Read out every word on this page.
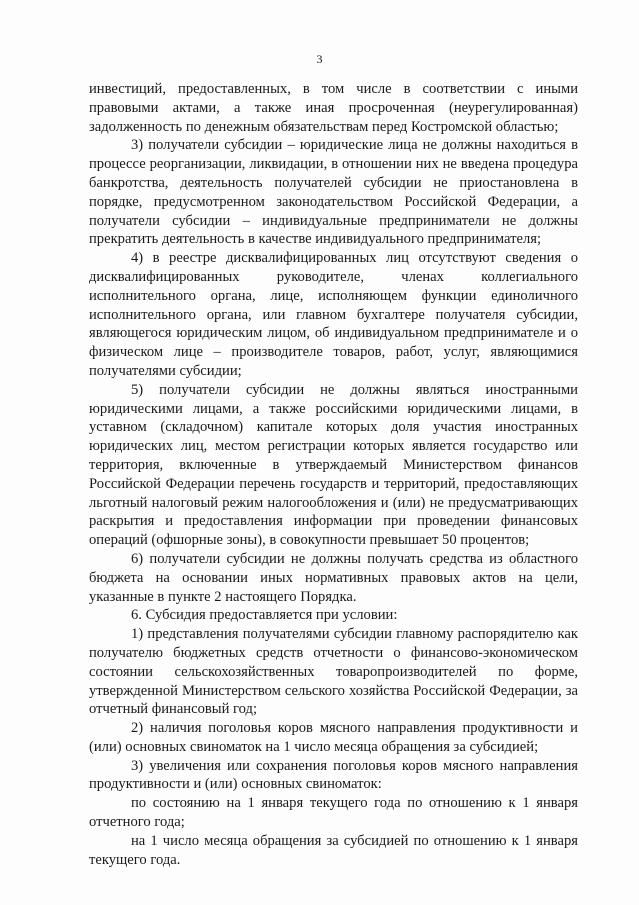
3

инвестиций, предоставленных, в том числе в соответствии с иными правовыми актами, а также иная просроченная (неурегулированная) задолженность по денежным обязательствам перед Костромской областью;

3) получатели субсидии – юридические лица не должны находиться в процессе реорганизации, ликвидации, в отношении них не введена процедура банкротства, деятельность получателей субсидии не приостановлена в порядке, предусмотренном законодательством Российской Федерации, а получатели субсидии – индивидуальные предприниматели не должны прекратить деятельность в качестве индивидуального предпринимателя;

4) в реестре дисквалифицированных лиц отсутствуют сведения о дисквалифицированных руководителе, членах коллегиального исполнительного органа, лице, исполняющем функции единоличного исполнительного органа, или главном бухгалтере получателя субсидии, являющегося юридическим лицом, об индивидуальном предпринимателе и о физическом лице – производителе товаров, работ, услуг, являющимися получателями субсидии;

5) получатели субсидии не должны являться иностранными юридическими лицами, а также российскими юридическими лицами, в уставном (складочном) капитале которых доля участия иностранных юридических лиц, местом регистрации которых является государство или территория, включенные в утверждаемый Министерством финансов Российской Федерации перечень государств и территорий, предоставляющих льготный налоговый режим налогообложения и (или) не предусматривающих раскрытия и предоставления информации при проведении финансовых операций (офшорные зоны), в совокупности превышает 50 процентов;

6) получатели субсидии не должны получать средства из областного бюджета на основании иных нормативных правовых актов на цели, указанные в пункте 2 настоящего Порядка.

6. Субсидия предоставляется при условии:

1) представления получателями субсидии главному распорядителю как получателю бюджетных средств отчетности о финансово-экономическом состоянии сельскохозяйственных товаропроизводителей по форме, утвержденной Министерством сельского хозяйства Российской Федерации, за отчетный финансовый год;

2) наличия поголовья коров мясного направления продуктивности и (или) основных свиноматок на 1 число месяца обращения за субсидией;

3) увеличения или сохранения поголовья коров мясного направления продуктивности и (или) основных свиноматок:

по состоянию на 1 января текущего года по отношению к 1 января отчетного года;

на 1 число месяца обращения за субсидией по отношению к 1 января текущего года.
